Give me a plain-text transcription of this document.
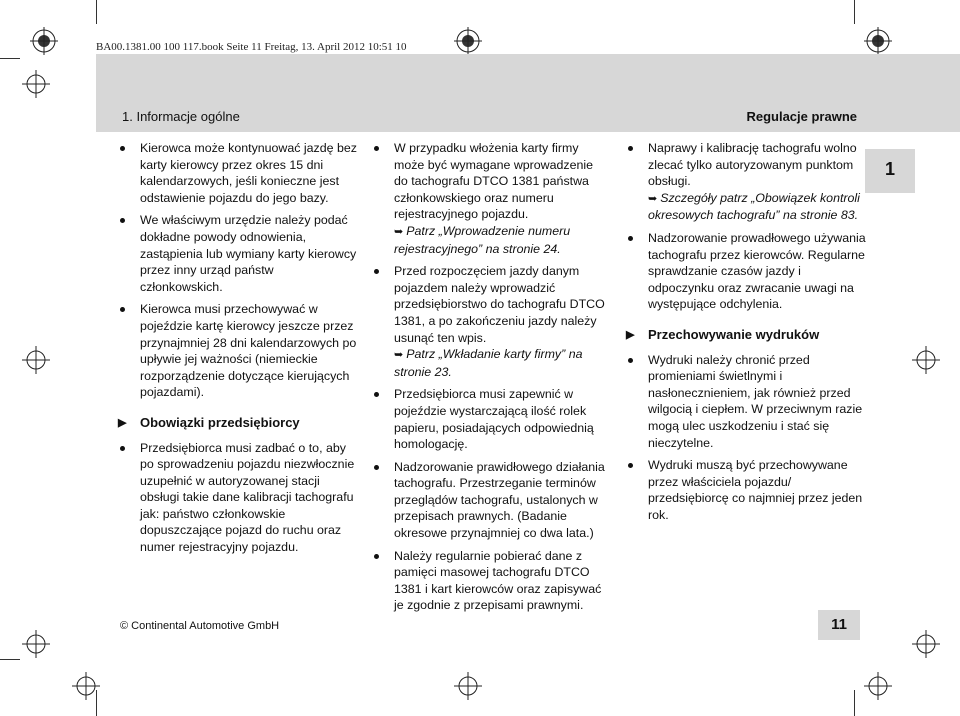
BA00.1381.00 100 117.book Seite 11 Freitag, 13. April 2012 10:51 10
1. Informacje ogólne	Regulacje prawne
1
Kierowca może kontynuować jazdę bez karty kierowcy przez okres 15 dni kalendarzowych, jeśli konieczne jest odstawienie pojazdu do jego bazy.
We właściwym urzędzie należy podać dokładne powody odnowienia, zastąpienia lub wymiany karty kierowcy przez inny urząd państw członkowskich.
Kierowca musi przechowywać w pojeździe kartę kierowcy jeszcze przez przynajmniej 28 dni kalendarzowych po upływie jej ważności (niemieckie rozporządzenie dotyczące kierujących pojazdami).
▶ Obowiązki przedsiębiorcy
Przedsiębiorca musi zadbać o to, aby po sprowadzeniu pojazdu niezwłocznie uzupełnić w autoryzowanej stacji obsługi takie dane kalibracji tachografu jak: państwo członkowskie dopuszczające pojazd do ruchu oraz numer rejestracyjny pojazdu.
W przypadku włożenia karty firmy może być wymagane wprowadzenie do tachografu DTCO 1381 państwa członkowskiego oraz numeru rejestracyjnego pojazdu.
➥ Patrz „Wprowadzenie numeru rejestracyjnego” na stronie 24.
Przed rozpoczęciem jazdy danym pojazdem należy wprowadzić przedsiębiorstwo do tachografu DTCO 1381, a po zakończeniu jazdy należy usunąć ten wpis.
➥ Patrz „Wkładanie karty firmy” na stronie 23.
Przedsiębiorca musi zapewnić w pojeździe wystarczającą ilość rolek papieru, posiadających odpowiednią homologację.
Nadzorowanie prawidłowego działania tachografu. Przestrzeganie terminów przeglądów tachografu, ustalonych w przepisach prawnych. (Badanie okresowe przynajmniej co dwa lata.)
Należy regularnie pobierać dane z pamięci masowej tachografu DTCO 1381 i kart kierowców oraz zapisywać je zgodnie z przepisami prawnymi.
Naprawy i kalibrację tachografu wolno zlecać tylko autoryzowanym punktom obsługi.
➥ Szczegóły patrz „Obowiązek kontroli okresowych tachografu” na stronie 83.
Nadzorowanie prowadłowego używania tachografu przez kierowców. Regularne sprawdzanie czasów jazdy i odpoczynku oraz zwracanie uwagi na występujące odchylenia.
▶ Przechowywanie wydruków
Wydruki należy chronić przed promieniami świetlnymi i nasłonecznieniem, jak również przed wilgocią i ciepłem. W przeciwnym razie mogą ulec uszkodzeniu i stać się nieczytelne.
Wydruki muszą być przechowywane przez właściciela pojazdu/ przedsiębiorcę co najmniej przez jeden rok.
© Continental Automotive GmbH	11
